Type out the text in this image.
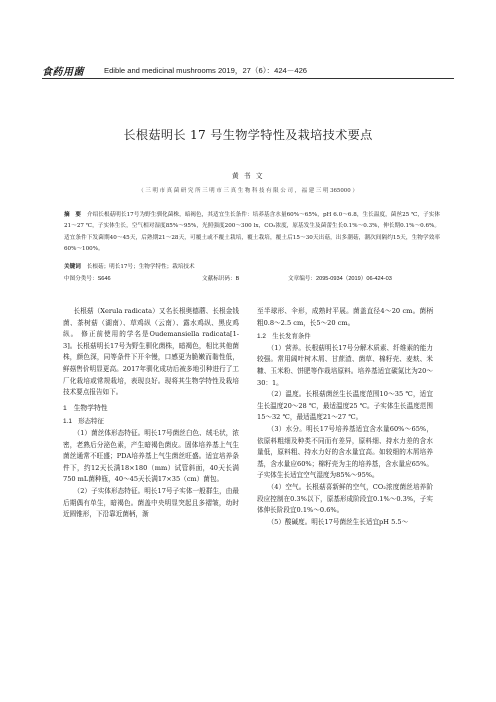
食药用菌	Edible and medicinal mushrooms 2019，27（6）：424－426
长根菇明长 17 号生物学特性及栽培技术要点
黄 书 文
（ 三 明 市 真 菌 研 究 所 三 明 市 三 真 生 物 科 技 有 限 公 司 ， 福 建 三 明 365000 ）
摘　要 介绍长根菇明长17号为野生驯化菌株，暗褐色，其适宜生长条件：培养基含水量60%～65%，pH 6.0～6.8，生长温度，菌丝25 ℃，子实体21～27 ℃，子实体生长，空气相对湿度85%～95%，光照强度200～300 lx，CO₂浓度，原基发生及菌蕾生长0.1%～0.3%，伸长期0.1%～0.6%。适宜条件下发菌期40～45天，后熟期21～28天，可覆土或不覆土栽培，覆土栽培，覆土后15～30天出菇，出多潮菇，潮次间隔约15天，生物学效率60%～100%。
关键词 长根菇；明长17号；生物学特性；栽培技术
中图分类号：S646	文献标识码：B	文章编号：2095-0934（2019）06-424-03

长根菇（Xerula radicata）又名长根奥德蘑、长根金钱菌、茶树菇（湖南）、草鸡纵（云南）、露水鸡纵、黑皮鸡纵。 修正前使用的学名是Oudemansiella radicata[1-3]。长根菇明长17号为野生驯化菌株，暗褐色，相比其他菌株，颜色深，同等条件下开伞慢，口感更为脆嫩而黏性低，鲜菇售价明显更高。2017年驯化成功后被多地引种进行了工厂化栽培或常规栽培，表现良好。现将其生物学特性及栽培技术要点报告如下。

1　生物学特性
1.1　形态特征

（1）菌丝体形态特征。明长17号菌丝白色、绒毛状，浓密，老熟后分泌色素，产生暗褐色菌皮。固体培养基上气生菌丝通常不旺盛；PDA培养基上气生菌丝旺盛。适宜培养条件下，约12天长满18×180（mm）试管斜面，40天长满750 mL菌种瓶，40～45天长满17×35（cm）菌包。

（2）子实体形态特征。明长17号子实体一般群生，由最后期偶有单生，暗褐色。菌盖中央明显突起且多褶皱，幼时近圆锥形，下沿靠近菌柄，渐

至半球形、伞形，成熟时平展。菌盖直径4～20 cm。菌柄粗0.8～2.5 cm，长5～20 cm。

1.2　生长发育条件

（1）营养。长根菇明长17号分解木质素、纤维素的能力较强。常用阔叶树木屑、甘蔗渣、菌草、棉籽壳、麦麸、米糠、玉米粉、饼肥等作栽培原料。培养基适宜碳氮比为20～30：1。

（2）温度。长根菇菌丝生长温度范围10～35 ℃，适宜生长温度20～28 ℃，最适温度25 ℃。子实体生长温度范围15～32 ℃，最适温度21～27 ℃。

（3）水分。明长17号培养基适宜含水量60%～65%，依原料粗细及种类不同而有差异，原料细、持水力差的含水量低，原料粗、持水力好的含水量宜高。如较细的木屑培养基，含水量应60%；棉籽壳为主的培养基，含水量应65%。子实体生长适宜空气湿度为85%～95%。

（4）空气。长根菇喜新鲜的空气，CO₂浓度菌丝培养阶段应控制在0.3%以下，原基形成阶段宜0.1%～0.3%，子实体伸长阶段宜0.1%～0.6%。

（5）酸碱度。明长17号菌丝生长适宜pH 5.5～
